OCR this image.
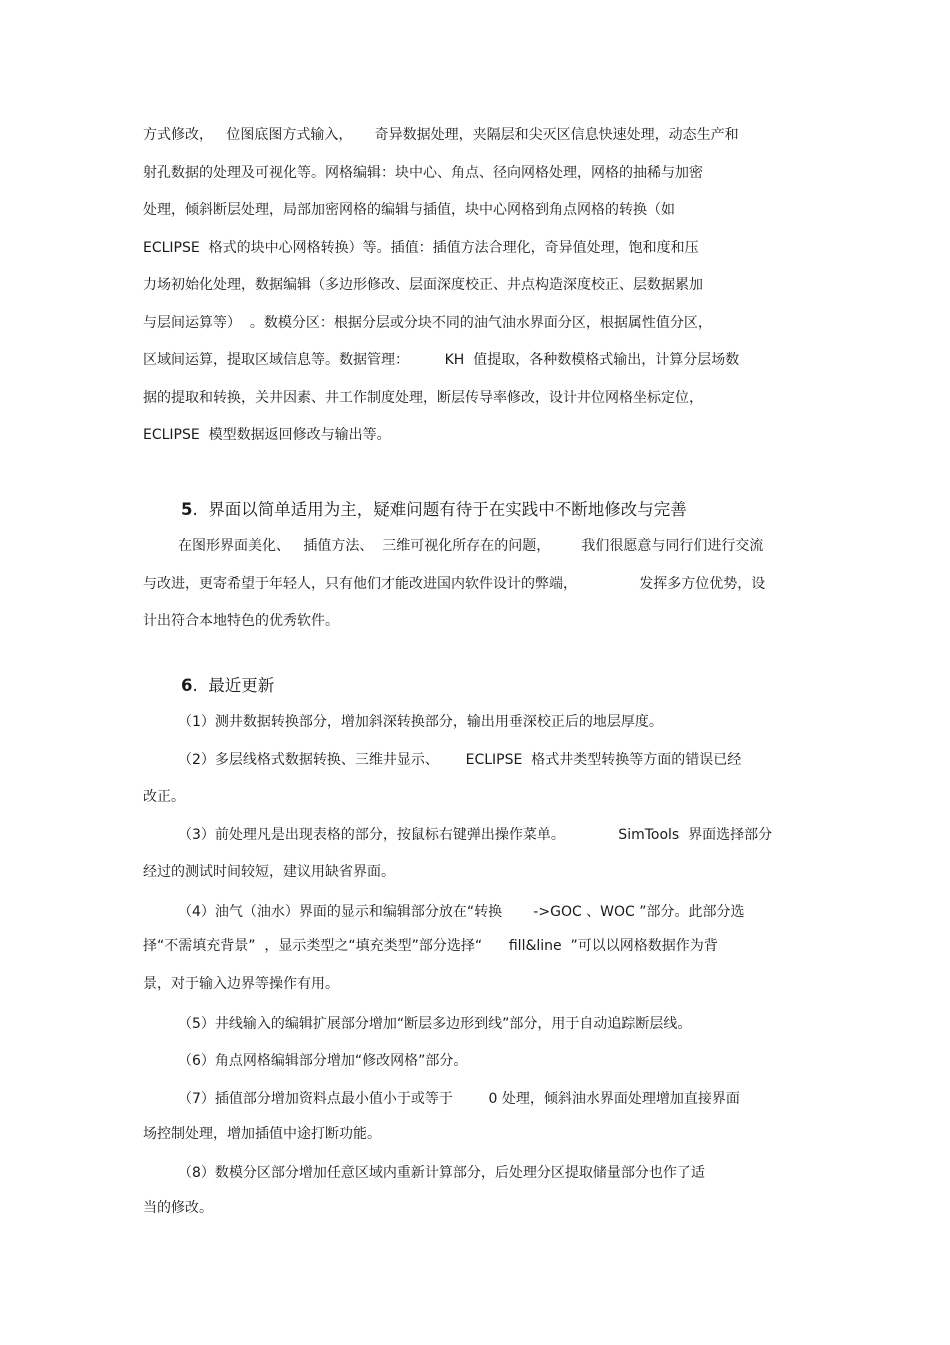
方式修改，   位图底图方式输入，     奇异数据处理，夹隔层和尖灭区信息快速处理，动态生产和
射孔数据的处理及可视化等。网格编辑：块中心、角点、径向网格处理，网格的抽稀与加密
处理，倾斜断层处理，局部加密网格的编辑与插值，块中心网格到角点网格的转换（如
ECLIPSE  格式的块中心网格转换）等。插值：插值方法合理化，奇异值处理，饱和度和压
力场初始化处理，数据编辑（多边形修改、层面深度校正、井点构造深度校正、层数据累加
与层间运算等）  。数模分区：根据分层或分块不同的油气油水界面分区，根据属性值分区，
区域间运算，提取区域信息等。数据管理：        KH  值提取，各种数模格式输出，计算分层场数
据的提取和转换，关井因素、井工作制度处理，断层传导率修改，设计井位网格坐标定位，
ECLIPSE  模型数据返回修改与输出等。
5.  界面以简单适用为主，疑难问题有待于在实践中不断地修改与完善
在图形界面美化、   插值方法、  三维可视化所存在的问题，       我们很愿意与同行们进行交流
与改进，更寄希望于年轻人，只有他们才能改进国内软件设计的弊端，              发挥多方位优势，设
计出符合本地特色的优秀软件。
6.  最近更新
（1）测井数据转换部分，增加斜深转换部分，输出用垂深校正后的地层厚度。
（2）多层线格式数据转换、三维井显示、      ECLIPSE  格式井类型转换等方面的错误已经
改正。
（3）前处理凡是出现表格的部分，按鼠标右键弹出操作菜单。            SimTools  界面选择部分
经过的测试时间较短，建议用缺省界面。
（4）油气（油水）界面的显示和编辑部分放在“转换       ->GOC 、WOC ”部分。此部分选
择“不需填充背景”  ，显示类型之“填充类型”部分选择“      fill&line  ”可以以网格数据作为背
景，对于输入边界等操作有用。
（5）井线输入的编辑扩展部分增加“断层多边形到线”部分，用于自动追踪断层线。
（6）角点网格编辑部分增加“修改网格”部分。
（7）插值部分增加资料点最小值小于或等于        0 处理，倾斜油水界面处理增加直接界面
场控制处理，增加插值中途打断功能。
（8）数模分区部分增加任意区域内重新计算部分，后处理分区提取储量部分也作了适
当的修改。
